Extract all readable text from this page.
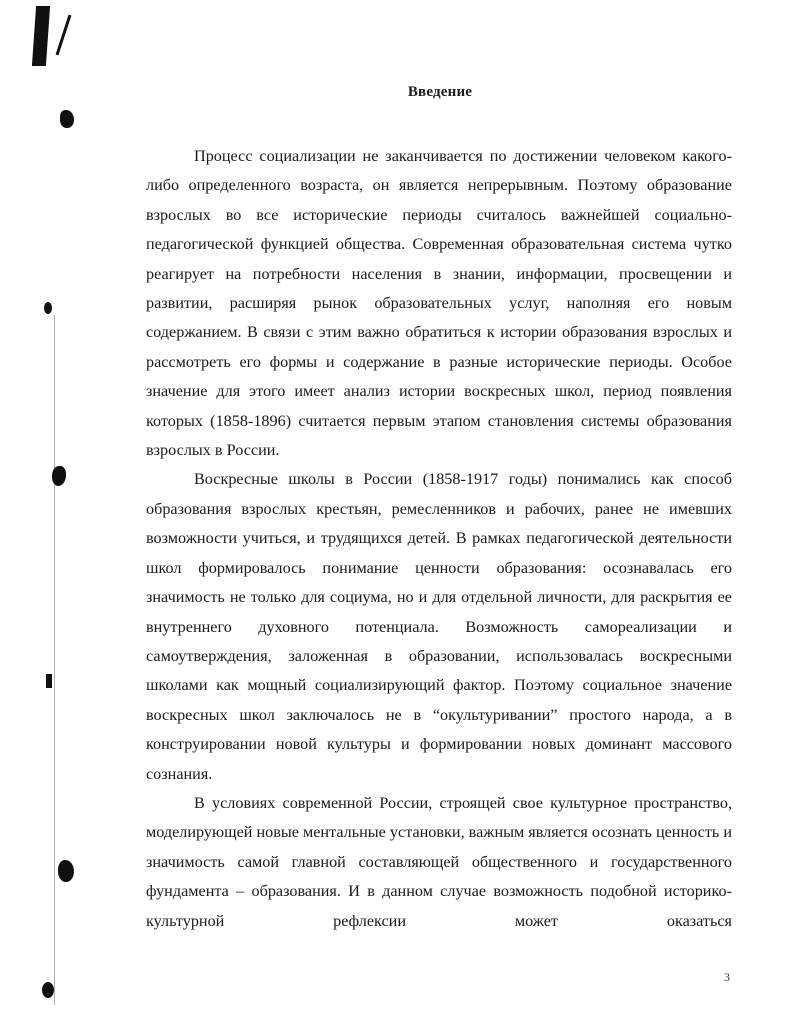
Введение

Процесс социализации не заканчивается по достижении человеком какого-либо определенного возраста, он является непрерывным. Поэтому образование взрослых во все исторические периоды считалось важнейшей социально-педагогической функцией общества. Современная образовательная система чутко реагирует на потребности населения в знании, информации, просвещении и развитии, расширяя рынок образовательных услуг, наполняя его новым содержанием. В связи с этим важно обратиться к истории образования взрослых и рассмотреть его формы и содержание в разные исторические периоды. Особое значение для этого имеет анализ истории воскресных школ, период появления которых (1858-1896) считается первым этапом становления системы образования взрослых в России.

Воскресные школы в России (1858-1917 годы) понимались как способ образования взрослых крестьян, ремесленников и рабочих, ранее не имевших возможности учиться, и трудящихся детей. В рамках педагогической деятельности школ формировалось понимание ценности образования: осознавалась его значимость не только для социума, но и для отдельной личности, для раскрытия ее внутреннего духовного потенциала. Возможность самореализации и самоутверждения, заложенная в образовании, использовалась воскресными школами как мощный социализирующий фактор. Поэтому социальное значение воскресных школ заключалось не в “окультуривании” простого народа, а в конструировании новой культуры и формировании новых доминант массового сознания.

В условиях современной России, строящей свое культурное пространство, моделирующей новые ментальные установки, важным является осознать ценность и значимость самой главной составляющей общественного и государственного фундамента – образования. И в данном случае возможность подобной историко-культурной рефлексии может оказаться

3
